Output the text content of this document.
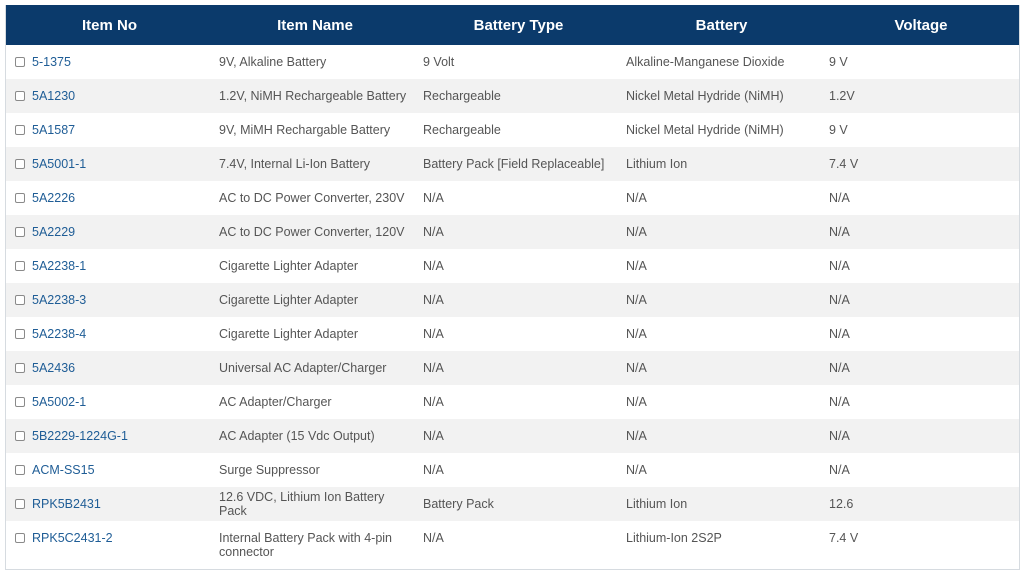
Item No	Item Name	Battery Type	Battery	Voltage
5-1375	9V, Alkaline Battery	9 Volt	Alkaline-Manganese Dioxide	9 V
5A1230	1.2V, NiMH Rechargeable Battery	Rechargeable	Nickel Metal Hydride (NiMH)	1.2V
5A1587	9V, MiMH Rechargable Battery	Rechargeable	Nickel Metal Hydride (NiMH)	9 V
5A5001-1	7.4V, Internal Li-Ion Battery	Battery Pack [Field Replaceable]	Lithium Ion	7.4 V
5A2226	AC to DC Power Converter, 230V	N/A	N/A	N/A
5A2229	AC to DC Power Converter, 120V	N/A	N/A	N/A
5A2238-1	Cigarette Lighter Adapter	N/A	N/A	N/A
5A2238-3	Cigarette Lighter Adapter	N/A	N/A	N/A
5A2238-4	Cigarette Lighter Adapter	N/A	N/A	N/A
5A2436	Universal AC Adapter/Charger	N/A	N/A	N/A
5A5002-1	AC Adapter/Charger	N/A	N/A	N/A
5B2229-1224G-1	AC Adapter (15 Vdc Output)	N/A	N/A	N/A
ACM-SS15	Surge Suppressor	N/A	N/A	N/A
RPK5B2431	12.6 VDC, Lithium Ion Battery Pack	Battery Pack	Lithium Ion	12.6
RPK5C2431-2	Internal Battery Pack with 4-pin connector	N/A	Lithium-Ion 2S2P	7.4 V
